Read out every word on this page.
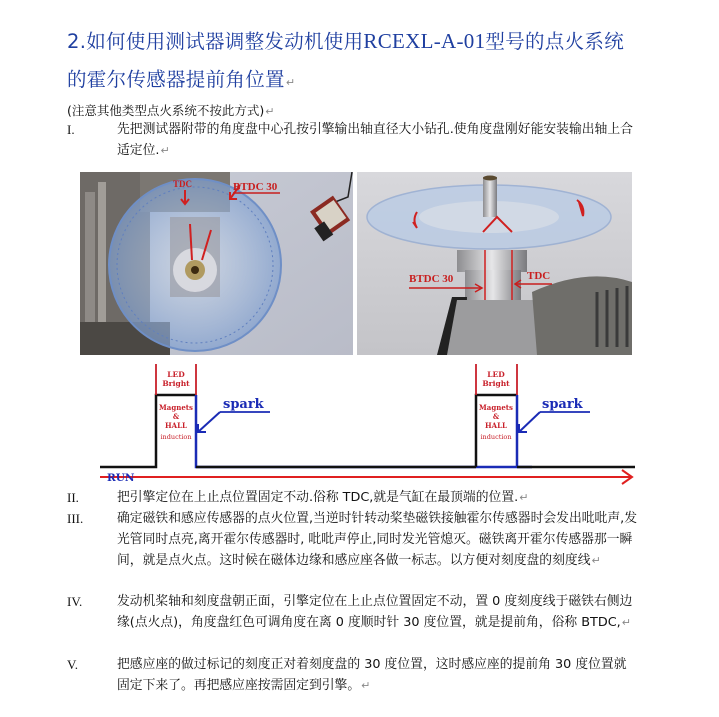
2.如何使用测试器调整发动机使用RCEXL-A-01型号的点火系统
的霍尔传感器提前角位置↵
(注意其他类型点火系统不按此方式)↵
I.	先把测试器附带的角度盘中心孔按引擎输出轴直径大小钻孔.使角度盘刚好能安装输出轴上合适定位.↵
TDC	BTDC 30
BTDC 30	TDC
LED
Bright
Magnets
&
HALL
induction
LED
Bright
Magnets
&
HALL
induction
spark	spark
RUN
II.	把引擎定位在上止点位置固定不动.俗称 TDC,就是气缸在最顶端的位置.↵
III.	确定磁铁和感应传感器的点火位置,当逆时针转动桨垫磁铁接触霍尔传感器时会发出吡吡声,发光管同时点亮,离开霍尔传感器时, 吡吡声停止,同时发光管熄灭。磁铁离开霍尔传感器那一瞬间，就是点火点。这时候在磁体边缘和感应座各做一标志。以方便对刻度盘的刻度线↵
IV.	发动机桨轴和刻度盘朝正面，引擎定位在上止点位置固定不动，置 0 度刻度线于磁铁右侧边缘(点火点)，角度盘红色可调角度在离 0 度顺时针 30 度位置，就是提前角，俗称 BTDC,↵
V.	把感应座的做过标记的刻度正对着刻度盘的 30 度位置，这时感应座的提前角 30 度位置就固定下来了。再把感应座按需固定到引擎。↵
